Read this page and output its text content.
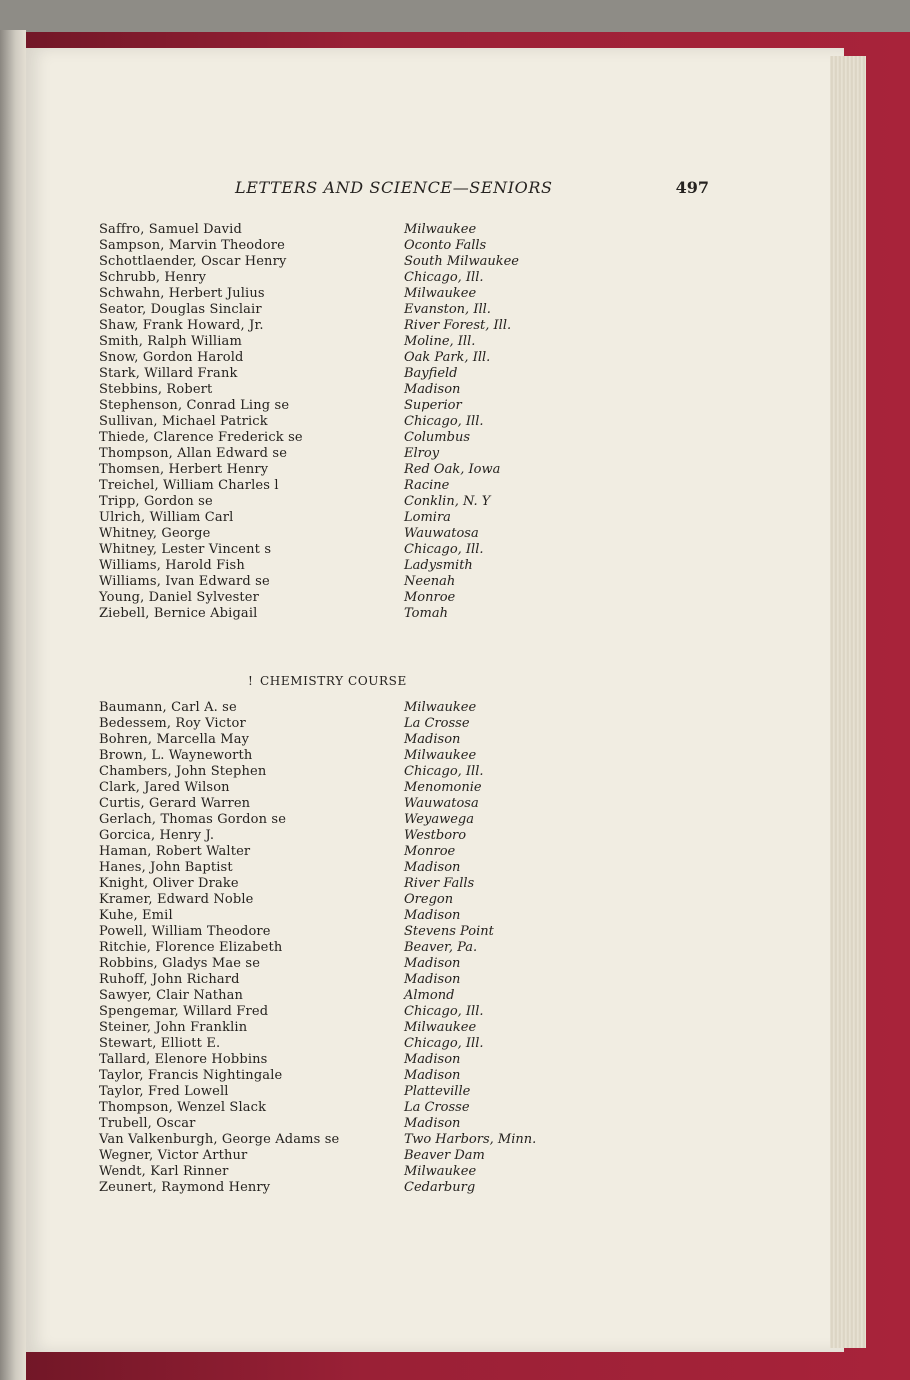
LETTERS AND SCIENCE—SENIORS	497
Saffro, Samuel David	Milwaukee
Sampson, Marvin Theodore	Oconto Falls
Schottlaender, Oscar Henry	South Milwaukee
Schrubb, Henry	Chicago, Ill.
Schwahn, Herbert Julius	Milwaukee
Seator, Douglas Sinclair	Evanston, Ill.
Shaw, Frank Howard, Jr.	River Forest, Ill.
Smith, Ralph William	Moline, Ill.
Snow, Gordon Harold	Oak Park, Ill.
Stark, Willard Frank	Bayfield
Stebbins, Robert	Madison
Stephenson, Conrad Ling se	Superior
Sullivan, Michael Patrick	Chicago, Ill.
Thiede, Clarence Frederick se	Columbus
Thompson, Allan Edward se	Elroy
Thomsen, Herbert Henry	Red Oak, Iowa
Treichel, William Charles l	Racine
Tripp, Gordon se	Conklin, N. Y
Ulrich, William Carl	Lomira
Whitney, George	Wauwatosa
Whitney, Lester Vincent s	Chicago, Ill.
Williams, Harold Fish	Ladysmith
Williams, Ivan Edward se	Neenah
Young, Daniel Sylvester	Monroe
Ziebell, Bernice Abigail	Tomah
! CHEMISTRY COURSE
Baumann, Carl A. se	Milwaukee
Bedessem, Roy Victor	La Crosse
Bohren, Marcella May	Madison
Brown, L. Wayneworth	Milwaukee
Chambers, John Stephen	Chicago, Ill.
Clark, Jared Wilson	Menomonie
Curtis, Gerard Warren	Wauwatosa
Gerlach, Thomas Gordon se	Weyawega
Gorcica, Henry J.	Westboro
Haman, Robert Walter	Monroe
Hanes, John Baptist	Madison
Knight, Oliver Drake	River Falls
Kramer, Edward Noble	Oregon
Kuhe, Emil	Madison
Powell, William Theodore	Stevens Point
Ritchie, Florence Elizabeth	Beaver, Pa.
Robbins, Gladys Mae se	Madison
Ruhoff, John Richard	Madison
Sawyer, Clair Nathan	Almond
Spengemar, Willard Fred	Chicago, Ill.
Steiner, John Franklin	Milwaukee
Stewart, Elliott E.	Chicago, Ill.
Tallard, Elenore Hobbins	Madison
Taylor, Francis Nightingale	Madison
Taylor, Fred Lowell	Platteville
Thompson, Wenzel Slack	La Crosse
Trubell, Oscar	Madison
Van Valkenburgh, George Adams se	Two Harbors, Minn.
Wegner, Victor Arthur	Beaver Dam
Wendt, Karl Rinner	Milwaukee
Zeunert, Raymond Henry	Cedarburg
